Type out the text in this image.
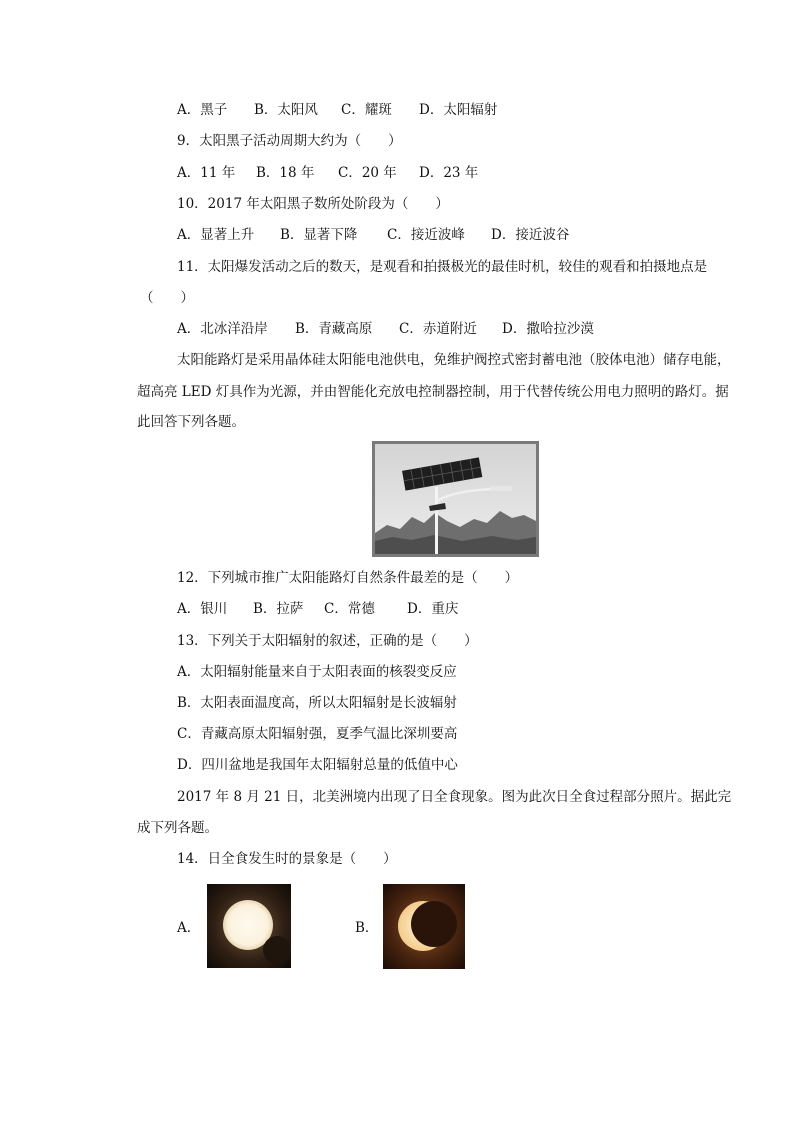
A．黑子 B．太阳风 C．耀斑 D．太阳辐射
9．太阳黑子活动周期大约为（　　）
A．11 年 B．18 年 C．20 年 D．23 年
10．2017 年太阳黑子数所处阶段为（　　）
A．显著上升 B．显著下降 C．接近波峰 D．接近波谷
11．太阳爆发活动之后的数天，是观看和拍摄极光的最佳时机，较佳的观看和拍摄地点是
（　　）
A．北冰洋沿岸 B．青藏高原 C．赤道附近 D．撒哈拉沙漠
太阳能路灯是采用晶体硅太阳能电池供电，免维护阀控式密封蓄电池（胶体电池）储存电能，
超高亮 LED 灯具作为光源，并由智能化充放电控制器控制，用于代替传统公用电力照明的路灯。据
此回答下列各题。
12．下列城市推广太阳能路灯自然条件最差的是（　　）
A．银川 B．拉萨 C．常德 D．重庆
13．下列关于太阳辐射的叙述，正确的是（　　）
A．太阳辐射能量来自于太阳表面的核裂变反应
B．太阳表面温度高，所以太阳辐射是长波辐射
C．青藏高原太阳辐射强，夏季气温比深圳要高
D．四川盆地是我国年太阳辐射总量的低值中心
2017 年 8 月 21 日，北美洲境内出现了日全食现象。图为此次日全食过程部分照片。据此完
成下列各题。
14．日全食发生时的景象是（　　）
A．	B．
